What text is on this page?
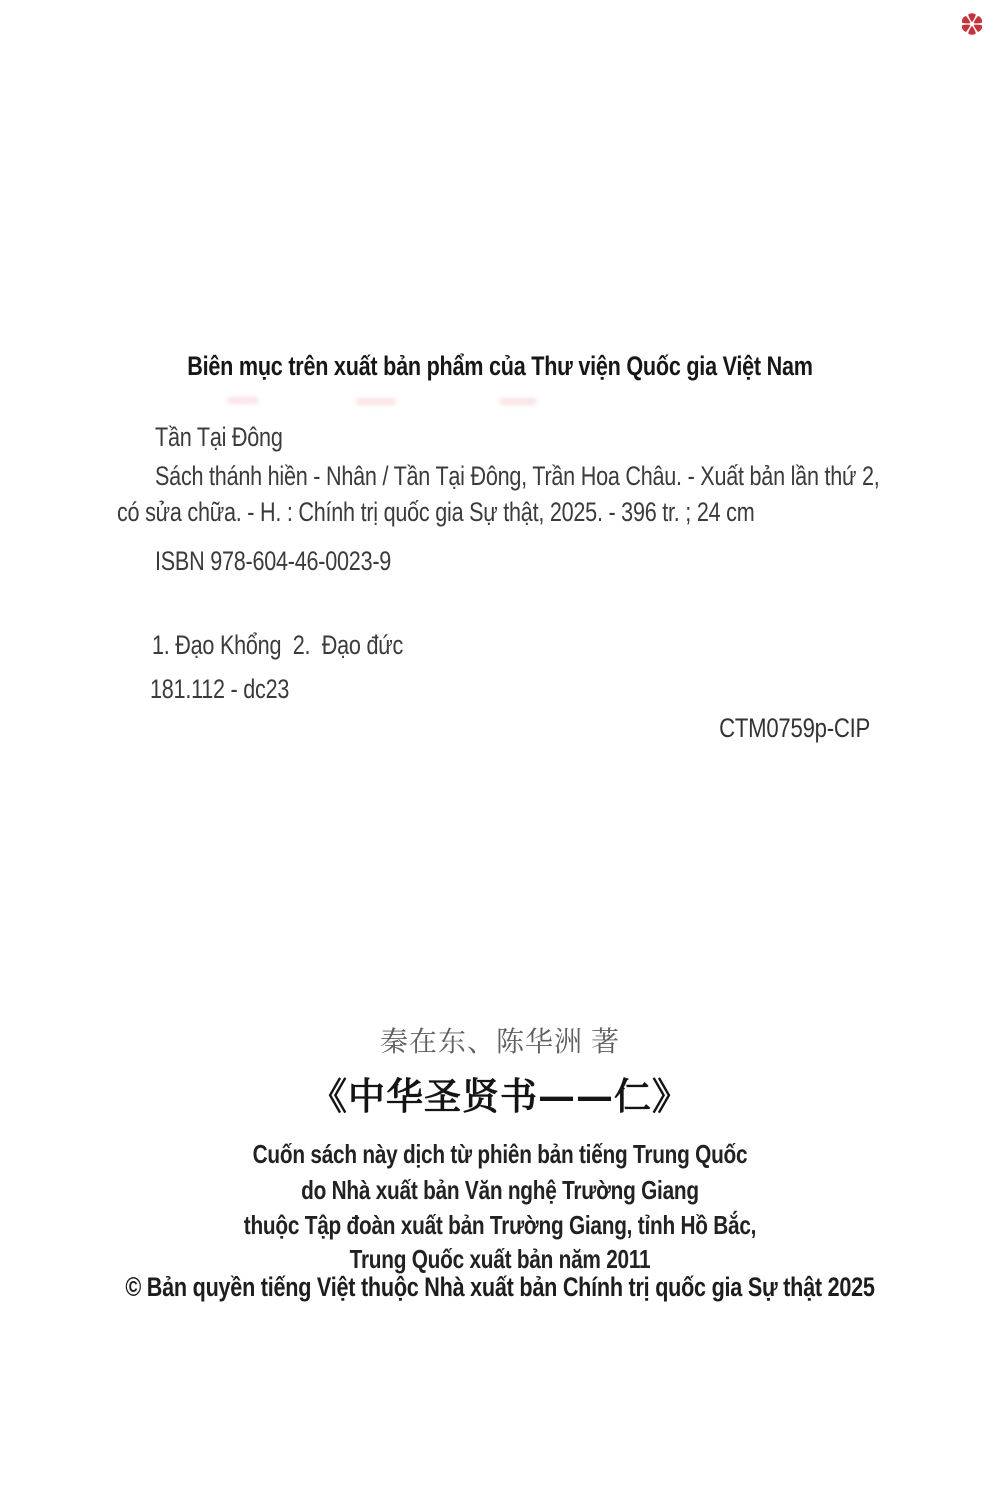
Biên mục trên xuất bản phẩm của Thư viện Quốc gia Việt Nam
Tần Tại Đông
Sách thánh hiền - Nhân / Tần Tại Đông, Trần Hoa Châu. - Xuất bản lần thứ 2,
có sửa chữa. - H. : Chính trị quốc gia Sự thật, 2025. - 396 tr. ; 24 cm
ISBN 978-604-46-0023-9
1. Đạo Khổng  2.  Đạo đức
181.112 - dc23
CTM0759p-CIP
秦在东、陈华洲 著
《中华圣贤书——仁》
Cuốn sách này dịch từ phiên bản tiếng Trung Quốc
do Nhà xuất bản Văn nghệ Trường Giang
thuộc Tập đoàn xuất bản Trường Giang, tỉnh Hồ Bắc,
Trung Quốc xuất bản năm 2011
© Bản quyền tiếng Việt thuộc Nhà xuất bản Chính trị quốc gia Sự thật 2025
